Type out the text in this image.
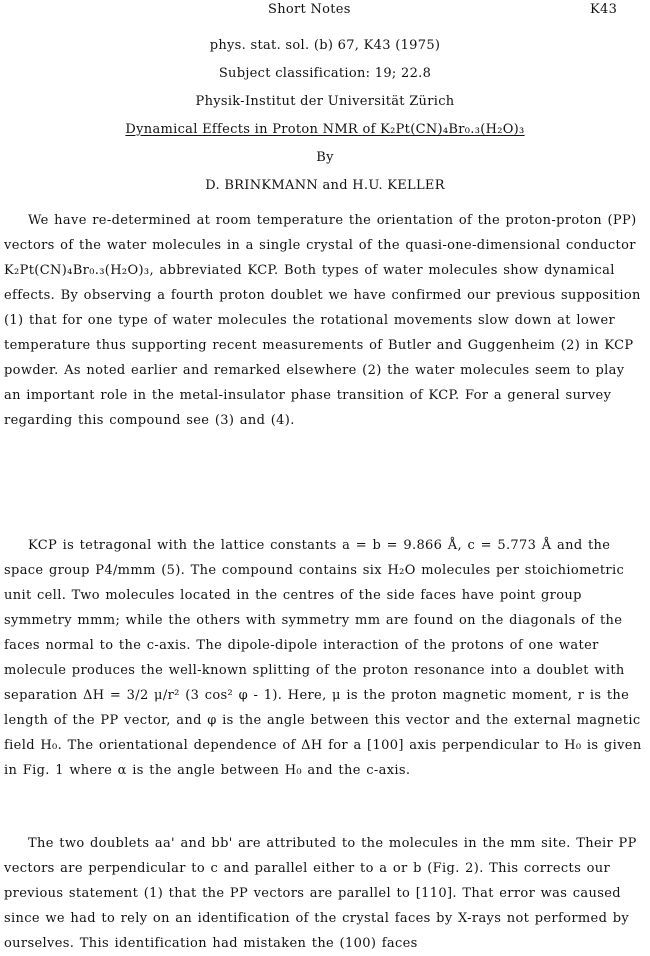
Short Notes	K43
phys. stat. sol. (b) 67, K43 (1975)
Subject classification: 19; 22.8
Physik-Institut der Universität Zürich
Dynamical Effects in Proton NMR of K₂Pt(CN)₄Br₀.₃(H₂O)₃
By
D. BRINKMANN and H.U. KELLER

We have re-determined at room temperature the orientation of the proton-proton (PP) vectors of the water molecules in a single crystal of the quasi-one-dimensional conductor K₂Pt(CN)₄Br₀.₃(H₂O)₃, abbreviated KCP. Both types of water molecules show dynamical effects. By observing a fourth proton doublet we have confirmed our previous supposition (1) that for one type of water molecules the rotational movements slow down at lower temperature thus supporting recent measurements of Butler and Guggenheim (2) in KCP powder. As noted earlier and remarked elsewhere (2) the water molecules seem to play an important role in the metal-insulator phase transition of KCP. For a general survey regarding this compound see (3) and (4).

KCP is tetragonal with the lattice constants a = b = 9.866 Å, c = 5.773 Å and the space group P4/mmm (5). The compound contains six H₂O molecules per stoichiometric unit cell. Two molecules located in the centres of the side faces have point group symmetry mmm; while the others with symmetry mm are found on the diagonals of the faces normal to the c-axis. The dipole-dipole interaction of the protons of one water molecule produces the well-known splitting of the proton resonance into a doublet with separation ΔH = 3/2 μ/r² (3 cos² φ - 1). Here, μ is the proton magnetic moment, r is the length of the PP vector, and φ is the angle between this vector and the external magnetic field H₀. The orientational dependence of ΔH for a [100] axis perpendicular to H₀ is given in Fig. 1 where α is the angle between H₀ and the c-axis.

The two doublets aa' and bb' are attributed to the molecules in the mm site. Their PP vectors are perpendicular to c and parallel either to a or b (Fig. 2). This corrects our previous statement (1) that the PP vectors are parallel to [110]. That error was caused since we had to rely on an identification of the crystal faces by X-rays not performed by ourselves. This identification had mistaken the (100) faces
